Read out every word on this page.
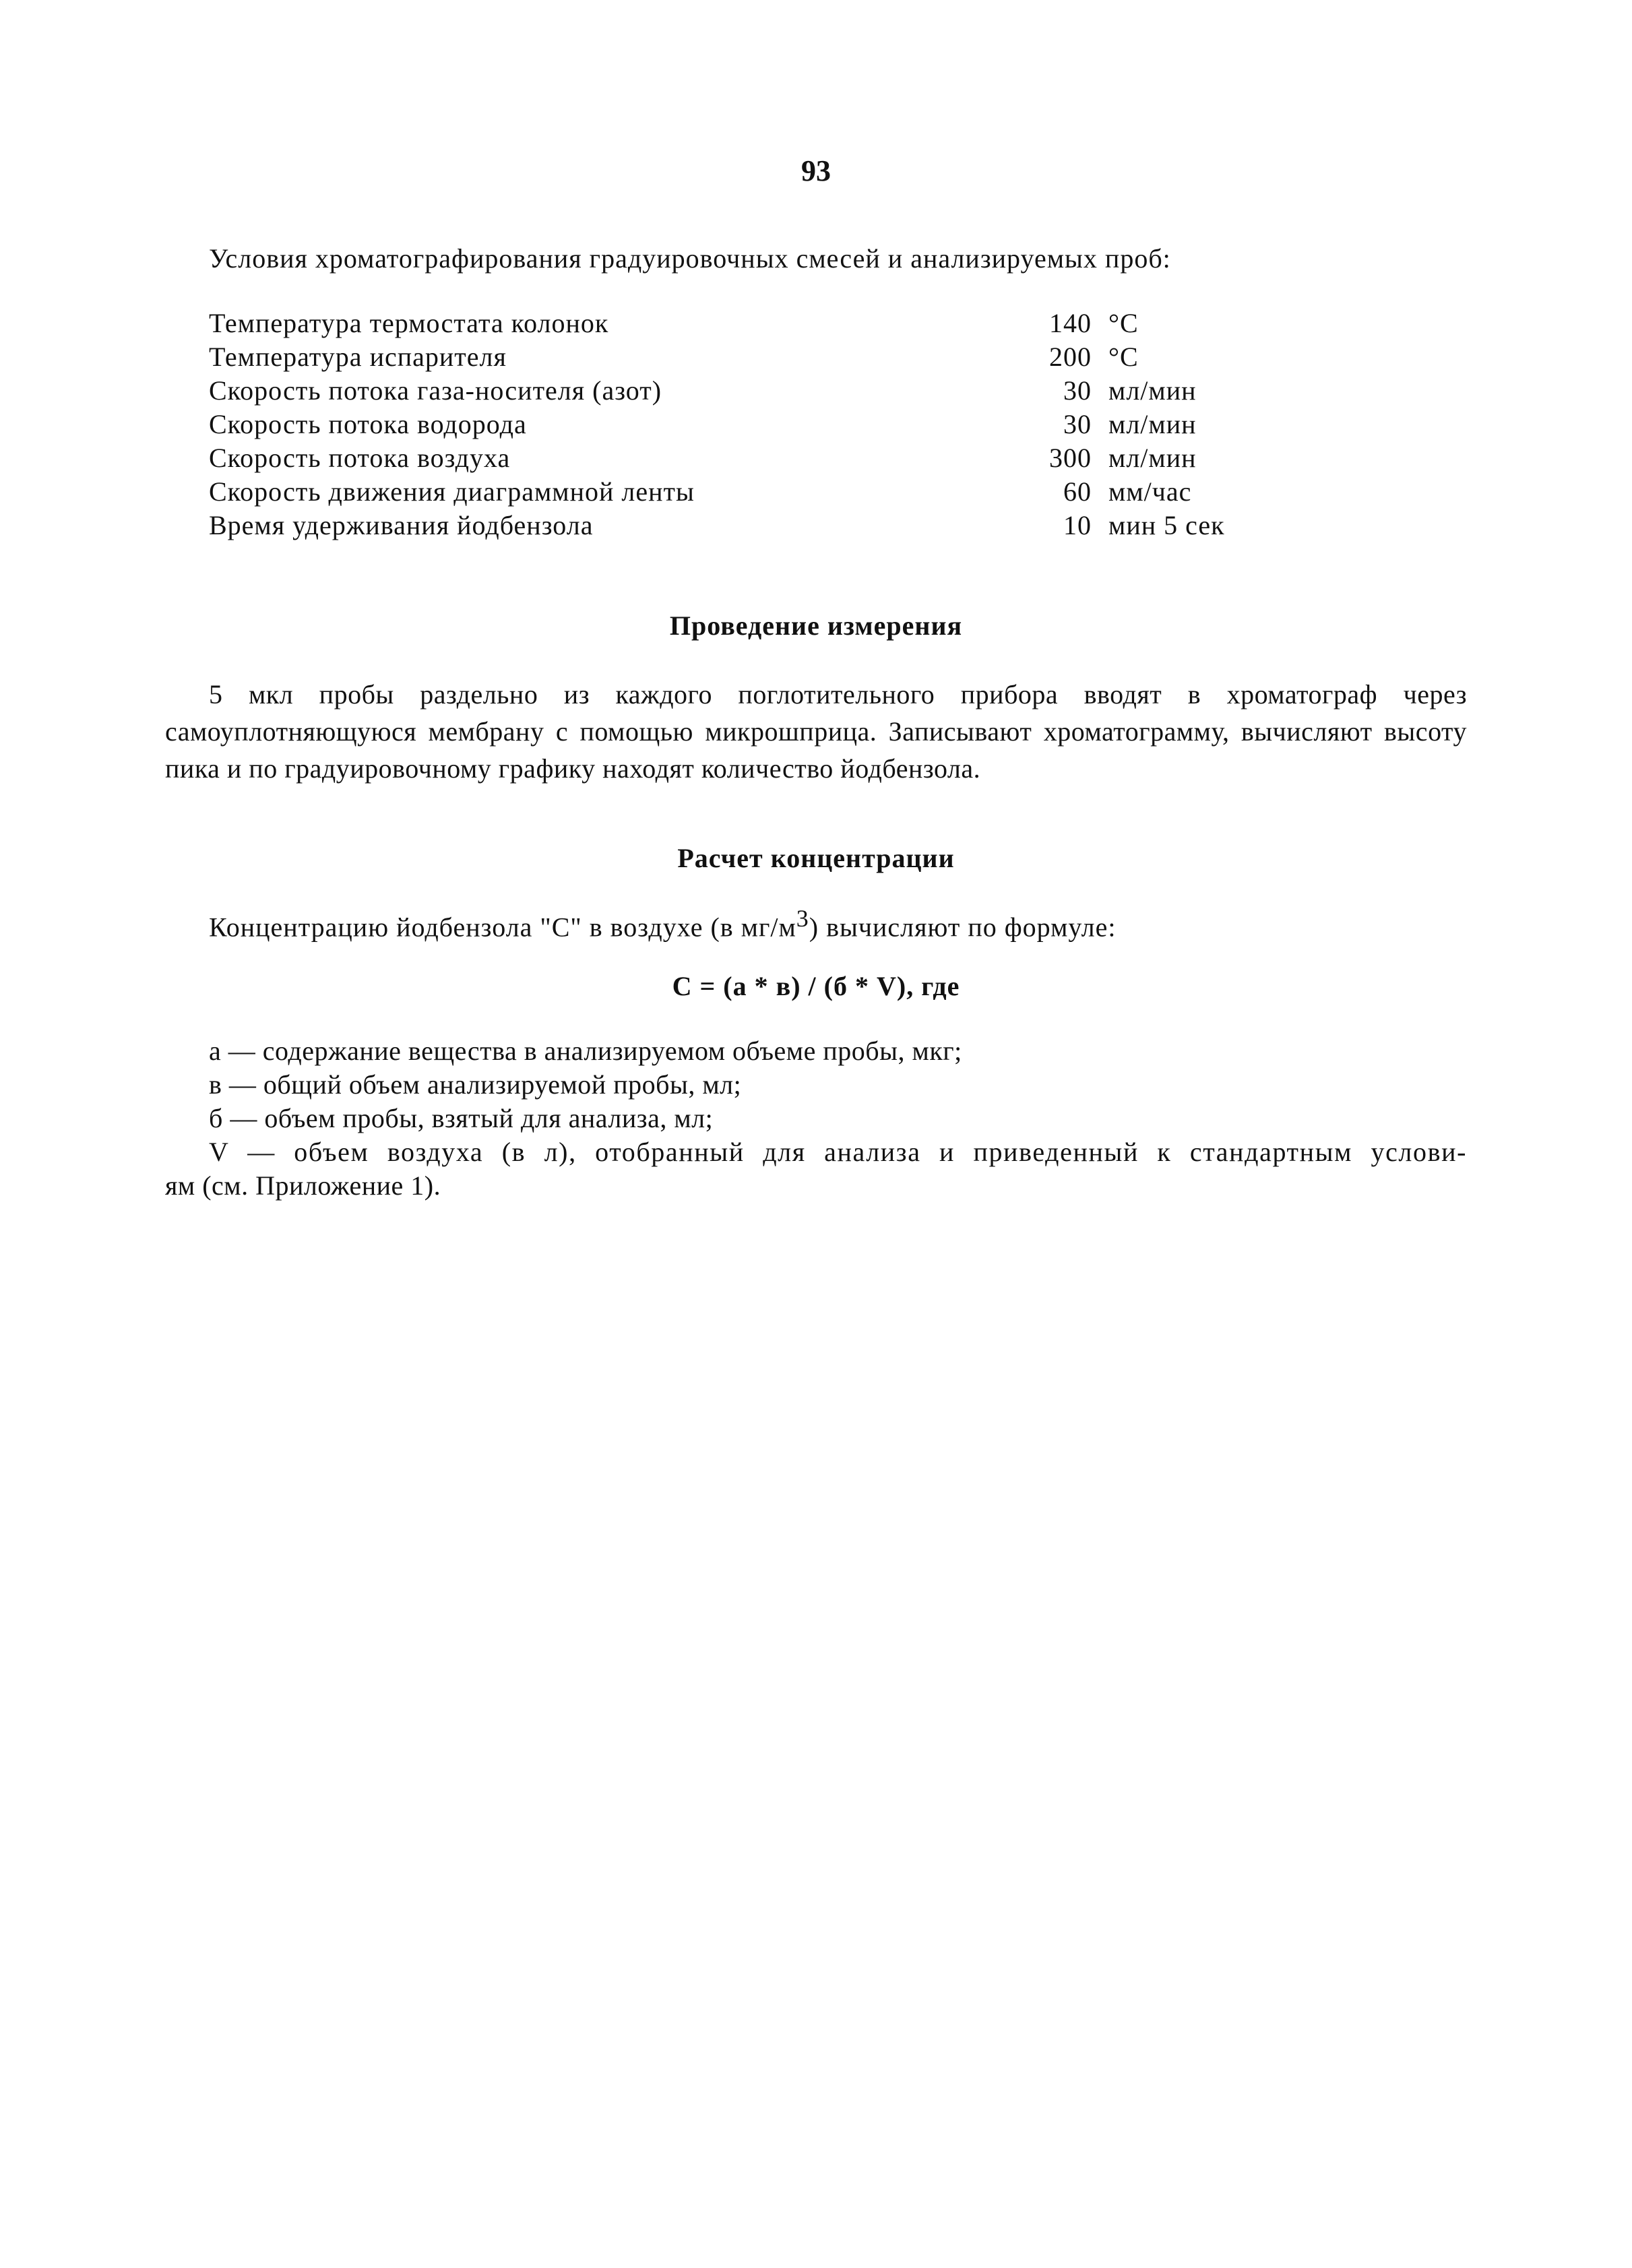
93
Условия хроматографирования градуировочных смесей и анализируемых проб:
Температура термостата колонок	140 °C
Температура испарителя	200 °C
Скорость потока газа-носителя (азот)	30 мл/мин
Скорость потока водорода	30 мл/мин
Скорость потока воздуха	300 мл/мин
Скорость движения диаграммной ленты	60 мм/час
Время удерживания йодбензола	10 мин 5 сек
Проведение измерения
5 мкл пробы раздельно из каждого поглотительного прибора вводят в хроматограф через самоуплотняющуюся мембрану с помощью микрошприца. Записывают хроматограмму, вычисляют высоту пика и по градуировочному графику находят количество йодбензола.
Расчет концентрации
Концентрацию йодбензола "С" в воздухе (в $мг/м^3$) вычисляют по формуле:
С = (а * в) / (б * V), где
а — содержание вещества в анализируемом объеме пробы, мкг;
в — общий объем анализируемой пробы, мл;
б — объем пробы, взятый для анализа, мл;
V — объем воздуха (в л), отобранный для анализа и приведенный к стандартным услови-
ям (см. Приложение 1).
